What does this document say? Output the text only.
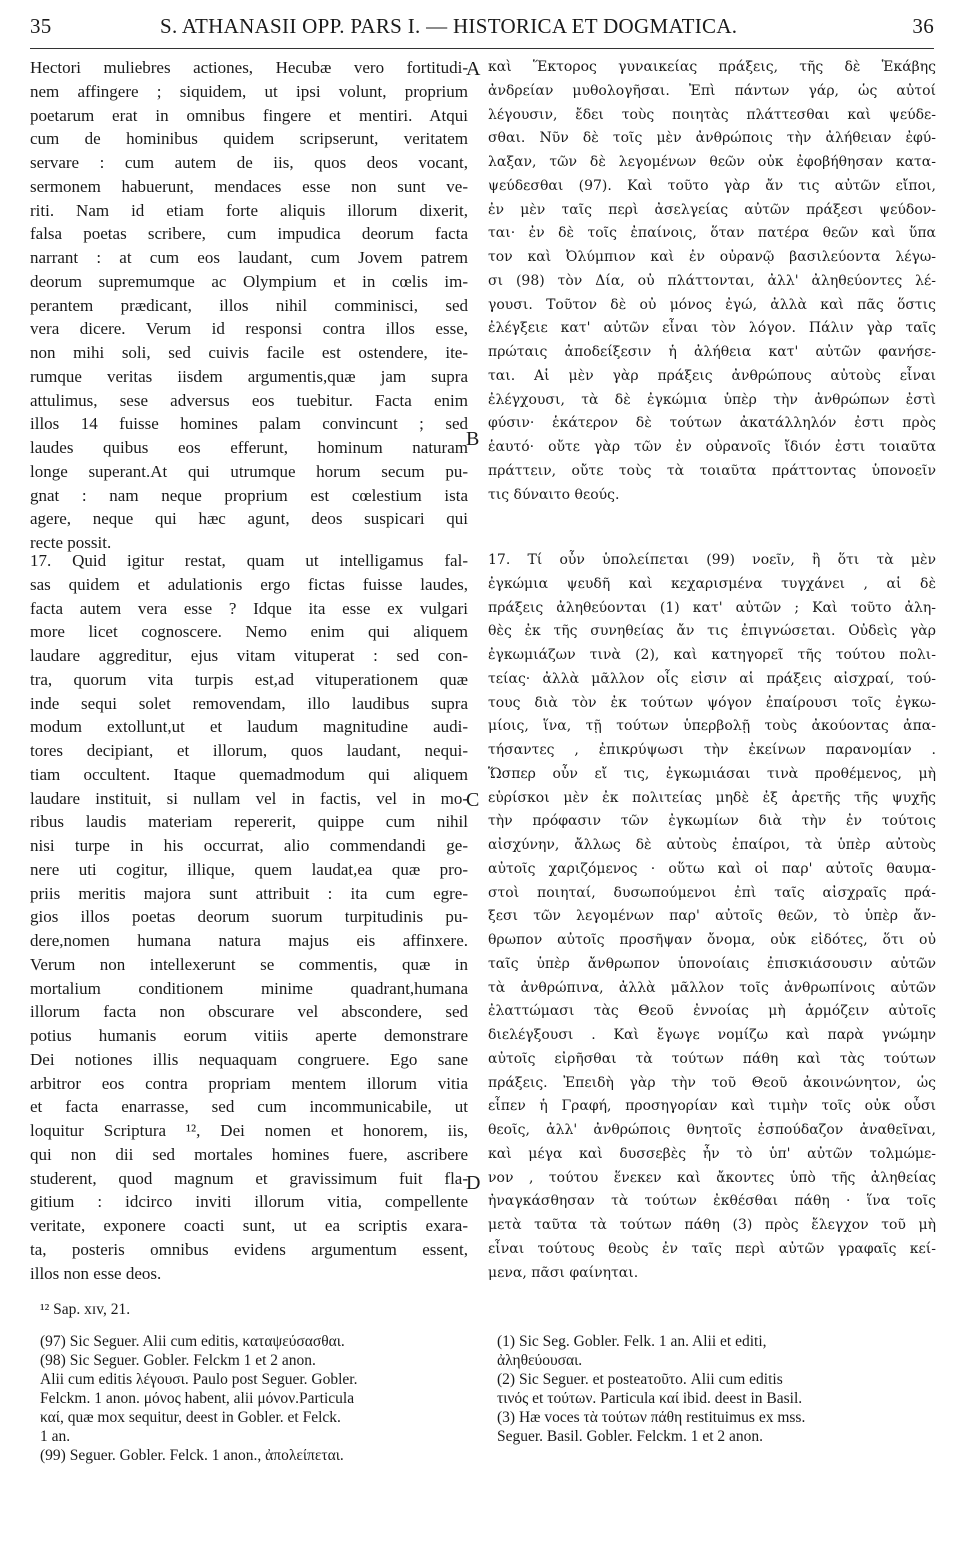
35	S. ATHANASII OPP. PARS I. — HISTORICA ET DOGMATICA.	36
Hectori muliebres actiones, Hecubæ vero fortitudi-
nem affingere ; siquidem, ut ipsi volunt, proprium
poetarum erat in omnibus fingere et mentiri. Atqui
cum de hominibus quidem scripserunt, veritatem
servare : cum autem de iis, quos deos vocant,
sermonem habuerunt, mendaces esse non sunt ve-
riti. Nam id etiam forte aliquis illorum dixerit,
falsa poetas scribere, cum impudica deorum facta
narrant : at cum eos laudant, cum Jovem patrem
deorum supremumque ac Olympium et in cœlis im-
perantem prædicant, illos nihil comminisci, sed
vera dicere. Verum id responsi contra illos esse,
non mihi soli, sed cuivis facile est ostendere, ite-
rumque veritas iisdem argumentis,quæ jam supra
attulimus, sese adversus eos tuebitur. Facta enim
illos 14 fuisse homines palam convincunt ; sed
laudes quibus eos efferunt, hominum naturam
longe superant.At qui utrumque horum secum pu-
gnat : nam neque proprium est cœlestium ista
agere, neque qui hæc agunt, deos suspicari qui
recte possit.
17. Quid igitur restat, quam ut intelligamus fal-
sas quidem et adulationis ergo fictas fuisse laudes,
facta autem vera esse ? Idque ita esse ex vulgari
more licet cognoscere. Nemo enim qui aliquem
laudare aggreditur, ejus vitam vituperat : sed con-
tra, quorum vita turpis est,ad vituperationem quæ
inde sequi solet removendam, illo laudibus supra
modum extollunt,ut et laudum magnitudine audi-
tores decipiant, et illorum, quos laudant, nequi-
tiam occultent. Itaque quemadmodum qui aliquem
laudare instituit, si nullam vel in factis, vel in mo-
ribus laudis materiam repererit, quippe cum nihil
nisi turpe in his occurrat, alio commendandi ge-
nere uti cogitur, illique, quem laudat,ea quæ pro-
priis meritis majora sunt attribuit : ita cum egre-
gios illos poetas deorum suorum turpitudinis pu-
dere,nomen humana natura majus eis affinxere.
Verum non intellexerunt se commentis, quæ in
mortalium conditionem minime quadrant,humana
illorum facta non obscurare vel abscondere, sed
potius humanis eorum vitiis aperte demonstrare
Dei notiones illis nequaquam congruere. Ego sane
arbitror eos contra propriam mentem illorum vitia
et facta enarrasse, sed cum incommunicabile, ut
loquitur Scriptura ¹², Dei nomen et honorem, iis,
qui non dii sed mortales homines fuere, ascribere
studerent, quod magnum et gravissimum fuit fla-
gitium : idcirco inviti illorum vitia, compellente
veritate, exponere coacti sunt, ut ea scriptis exara-
ta, posteris omnibus evidens argumentum essent,
illos non esse deos.
καὶ Ἕκτορος γυναικείας πράξεις, τῆς δὲ Ἑκάβης
ἀνδρείαν μυθολογῆσαι. Ἐπὶ πάντων γάρ, ὡς αὐτοί
λέγουσιν, ἔδει τοὺς ποιητὰς πλάττεσθαι καὶ ψεύδε-
σθαι. Νῦν δὲ τοῖς μὲν ἀνθρώποις τὴν ἀλήθειαν ἐφύ-
λαξαν, τῶν δὲ λεγομένων θεῶν οὐκ ἐφοβήθησαν κατα-
ψεύδεσθαι (97). Καὶ τοῦτο γὰρ ἄν τις αὐτῶν εἴποι,
ἐν μὲν ταῖς περὶ ἀσελγείας αὐτῶν πράξεσι ψεύδον-
ται· ἐν δὲ τοῖς ἐπαίνοις, ὅταν πατέρα θεῶν καὶ ὕπα
τον καὶ Ὀλύμπιον καὶ ἐν οὐρανῷ βασιλεύοντα λέγω-
σι (98) τὸν Δία, οὐ πλάττονται, ἀλλ' ἀληθεύοντες λέ-
γουσι. Τοῦτον δὲ οὐ μόνος ἐγώ, ἀλλὰ καὶ πᾶς ὅστις
ἐλέγξειε κατ' αὐτῶν εἶναι τὸν λόγον. Πάλιν γὰρ ταῖς
πρώταις ἀποδείξεσιν ἡ ἀλήθεια κατ' αὐτῶν φανήσε-
ται. Αἱ μὲν γὰρ πράξεις ἀνθρώπους αὐτοὺς εἶναι
ἐλέγχουσι, τὰ δὲ ἐγκώμια ὑπὲρ τὴν ἀνθρώπων ἐστὶ
φύσιν· ἑκάτερον δὲ τούτων ἀκατάλληλόν ἐστι πρὸς
ἑαυτό· οὔτε γὰρ τῶν ἐν οὐρανοῖς ἴδιόν ἐστι τοιαῦτα
πράττειν, οὔτε τοὺς τὰ τοιαῦτα πράττοντας ὑπονοεῖν
τις δύναιτο θεούς.
17. Τί οὖν ὑπολείπεται (99) νοεῖν, ἢ ὅτι τὰ μὲν
ἐγκώμια ψευδῆ καὶ κεχαρισμένα τυγχάνει , αἱ δὲ
πράξεις ἀληθεύονται (1) κατ' αὐτῶν ; Καὶ τοῦτο ἀλη-
θὲς ἐκ τῆς συνηθείας ἄν τις ἐπιγνώσεται. Οὐδεὶς γὰρ
ἐγκωμιάζων τινὰ (2), καὶ κατηγορεῖ τῆς τούτου πολι-
τείας· ἀλλὰ μᾶλλον οἷς εἰσιν αἱ πράξεις αἰσχραί, τού-
τους διὰ τὸν ἐκ τούτων ψόγον ἐπαίρουσι τοῖς ἐγκω-
μίοις, ἵνα, τῇ τούτων ὑπερβολῇ τοὺς ἀκούοντας ἀπα-
τήσαντες , ἐπικρύψωσι τὴν ἐκείνων παρανομίαν .
Ὥσπερ οὖν εἴ τις, ἐγκωμιάσαι τινὰ προθέμενος, μὴ
εὑρίσκοι μὲν ἐκ πολιτείας μηδὲ ἐξ ἀρετῆς τῆς ψυχῆς
τὴν πρόφασιν τῶν ἐγκωμίων διὰ τὴν ἐν τούτοις
αἰσχύνην, ἄλλως δὲ αὐτοὺς ἐπαίροι, τὰ ὑπὲρ αὐτοὺς
αὐτοῖς χαριζόμενος · οὕτω καὶ οἱ παρ' αὐτοῖς θαυμα-
στοὶ ποιηταί, δυσωπούμενοι ἐπὶ ταῖς αἰσχραῖς πρά-
ξεσι τῶν λεγομένων παρ' αὐτοῖς θεῶν, τὸ ὑπὲρ ἄν-
θρωπον αὐτοῖς προσῆψαν ὄνομα, οὐκ εἰδότες, ὅτι οὐ
ταῖς ὑπὲρ ἄνθρωπον ὑπονοίαις ἐπισκιάσουσιν αὐτῶν
τὰ ἀνθρώπινα, ἀλλὰ μᾶλλον τοῖς ἀνθρωπίνοις αὐτῶν
ἐλαττώμασι τὰς Θεοῦ ἐννοίας μὴ ἁρμόζειν αὐτοῖς
διελέγξουσι . Καὶ ἔγωγε νομίζω καὶ παρὰ γνώμην
αὐτοῖς εἰρῆσθαι τὰ τούτων πάθη καὶ τὰς τούτων
πράξεις. Ἐπειδὴ γὰρ τὴν τοῦ Θεοῦ ἀκοινώνητον, ὡς
εἶπεν ἡ Γραφή, προσηγορίαν καὶ τιμὴν τοῖς οὐκ οὖσι
θεοῖς, ἀλλ' ἀνθρώποις θνητοῖς ἐσπούδαζον ἀναθεῖναι,
καὶ μέγα καὶ δυσσεβὲς ἦν τὸ ὑπ' αὐτῶν τολμώμε-
νον , τούτου ἕνεκεν καὶ ἄκοντες ὑπὸ τῆς ἀληθείας
ἠναγκάσθησαν τὰ τούτων ἐκθέσθαι πάθη · ἵνα τοῖς
μετὰ ταῦτα τὰ τούτων πάθη (3) πρὸς ἔλεγχον τοῦ μὴ
εἶναι τούτους θεοὺς ἐν ταῖς περὶ αὐτῶν γραφαῖς κεί-
μενα, πᾶσι φαίνηται.
A
B
C
D
¹² Sap. xɪv, 21.
(97) Sic Seguer. Alii cum editis, καταψεύσασθαι.
(98) Sic Seguer. Gobler. Felckm 1 et 2 anon.
Alii cum editis λέγουσι. Paulo post Seguer. Gobler.
Felckm. 1 anon. μόνος habent, alii μόνον.Particula
καί, quæ mox sequitur, deest in Gobler. et Felck.
1 an.
(99) Seguer. Gobler. Felck. 1 anon., ἀπολείπεται.
(1) Sic Seg. Gobler. Felk. 1 an. Alii et editi,
ἀληθεύουσαι.
(2) Sic Seguer. et posteaτοῦτο. Alii cum editis
τινός et τούτων. Particula καί ibid. deest in Basil.
(3) Hæ voces τὰ τούτων πάθη restituimus ex mss.
Seguer. Basil. Gobler. Felckm. 1 et 2 anon.
